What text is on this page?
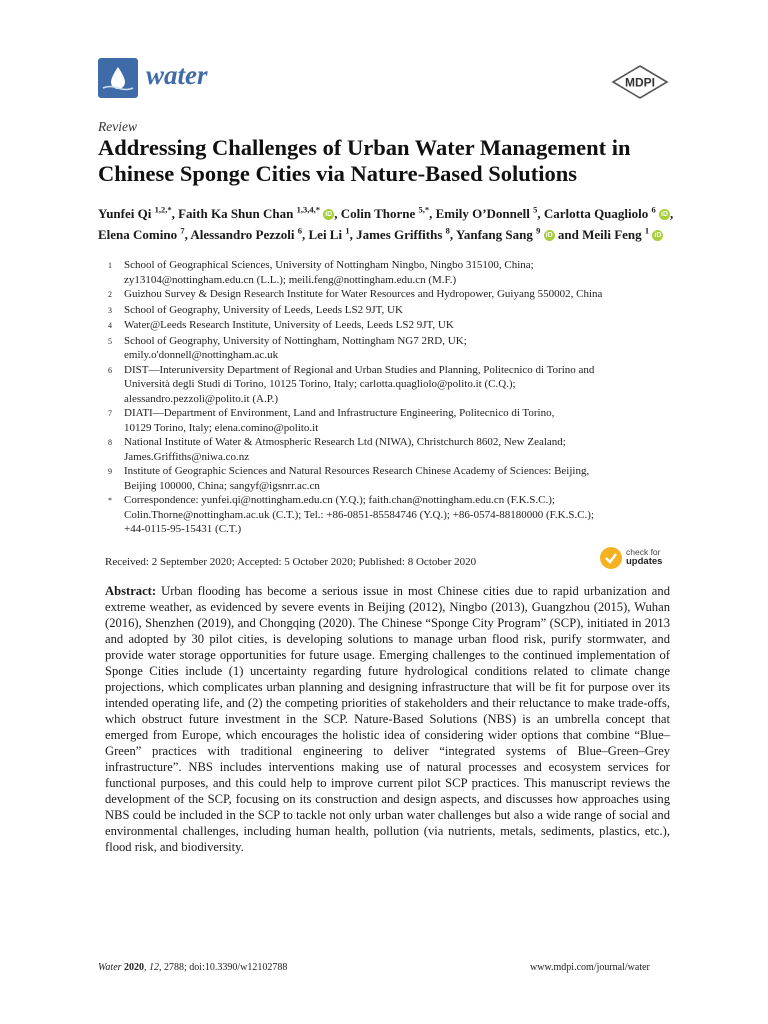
water	MDPI
Review
Addressing Challenges of Urban Water Management in Chinese Sponge Cities via Nature-Based Solutions
Yunfei Qi $^{1,2,*}$, Faith Ka Shun Chan $^{1,3,4,*}$ iD , Colin Thorne $^{5,*}$, Emily O’Donnell $^5$, Carlotta Quagliolo $^6$ iD , Elena Comino $^7$, Alessandro Pezzoli $^6$, Lei Li $^1$, James Griffiths $^8$, Yanfang Sang $^9$ iD and Meili Feng $^1$ iD
1	School of Geographical Sciences, University of Nottingham Ningbo, Ningbo 315100, China;
zy13104@nottingham.edu.cn (L.L.); meili.feng@nottingham.edu.cn (M.F.)
2	Guizhou Survey & Design Research Institute for Water Resources and Hydropower, Guiyang 550002, China
3	School of Geography, University of Leeds, Leeds LS2 9JT, UK
4	Water@Leeds Research Institute, University of Leeds, Leeds LS2 9JT, UK
5	School of Geography, University of Nottingham, Nottingham NG7 2RD, UK;
emily.o'donnell@nottingham.ac.uk
6	DIST—Interuniversity Department of Regional and Urban Studies and Planning, Politecnico di Torino and
Università degli Studi di Torino, 10125 Torino, Italy; carlotta.quagliolo@polito.it (C.Q.);
alessandro.pezzoli@polito.it (A.P.)
7	DIATI—Department of Environment, Land and Infrastructure Engineering, Politecnico di Torino,
10129 Torino, Italy; elena.comino@polito.it
8	National Institute of Water & Atmospheric Research Ltd (NIWA), Christchurch 8602, New Zealand;
James.Griffiths@niwa.co.nz
9	Institute of Geographic Sciences and Natural Resources Research Chinese Academy of Sciences: Beijing,
Beijing 100000, China; sangyf@igsnrr.ac.cn
*	Correspondence: yunfei.qi@nottingham.edu.cn (Y.Q.); faith.chan@nottingham.edu.cn (F.K.S.C.);
Colin.Thorne@nottingham.ac.uk (C.T.); Tel.: +86-0851-85584746 (Y.Q.); +86-0574-88180000 (F.K.S.C.);
+44-0115-95-15431 (C.T.)
Received: 2 September 2020; Accepted: 5 October 2020; Published: 8 October 2020
check for
updates
Abstract: Urban flooding has become a serious issue in most Chinese cities due to rapid urbanization and extreme weather, as evidenced by severe events in Beijing (2012), Ningbo (2013), Guangzhou (2015), Wuhan (2016), Shenzhen (2019), and Chongqing (2020). The Chinese “Sponge City Program” (SCP), initiated in 2013 and adopted by 30 pilot cities, is developing solutions to manage urban flood risk, purify stormwater, and provide water storage opportunities for future usage. Emerging challenges to the continued implementation of Sponge Cities include (1) uncertainty regarding future hydrological conditions related to climate change projections, which complicates urban planning and designing infrastructure that will be fit for purpose over its intended operating life, and (2) the competing priorities of stakeholders and their reluctance to make trade-offs, which obstruct future investment in the SCP. Nature-Based Solutions (NBS) is an umbrella concept that emerged from Europe, which encourages the holistic idea of considering wider options that combine “Blue–Green” practices with traditional engineering to deliver “integrated systems of Blue–Green–Grey infrastructure”. NBS includes interventions making use of natural processes and ecosystem services for functional purposes, and this could help to improve current pilot SCP practices. This manuscript reviews the development of the SCP, focusing on its construction and design aspects, and discusses how approaches using NBS could be included in the SCP to tackle not only urban water challenges but also a wide range of social and environmental challenges, including human health, pollution (via nutrients, metals, sediments, plastics, etc.), flood risk, and biodiversity.
Water 2020, 12, 2788; doi:10.3390/w12102788	www.mdpi.com/journal/water
